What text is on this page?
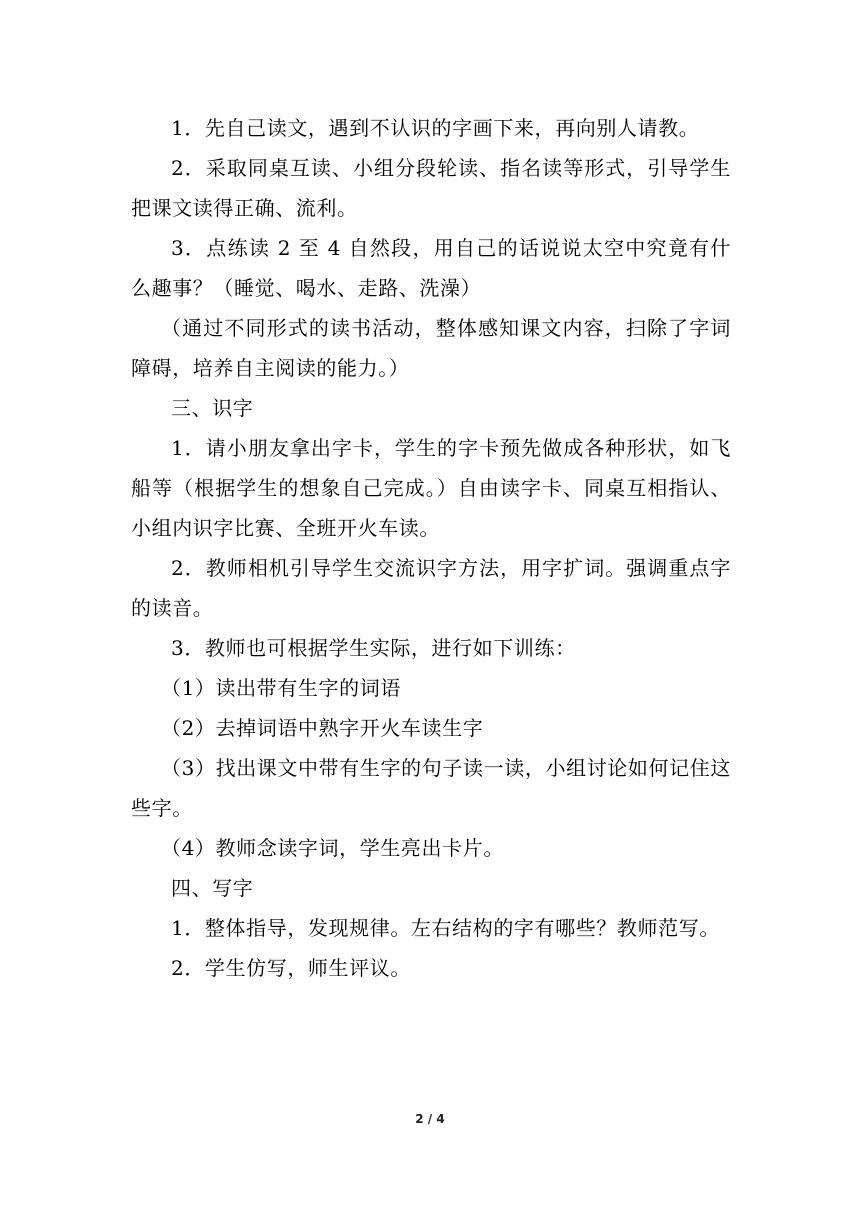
1．先自己读文，遇到不认识的字画下来，再向别人请教。

2．采取同桌互读、小组分段轮读、指名读等形式，引导学生把课文读得正确、流利。

3．点练读 2 至 4 自然段，用自己的话说说太空中究竟有什么趣事？（睡觉、喝水、走路、洗澡）

（通过不同形式的读书活动，整体感知课文内容，扫除了字词障碍，培养自主阅读的能力。）

三、识字

1．请小朋友拿出字卡，学生的字卡预先做成各种形状，如飞船等（根据学生的想象自己完成。）自由读字卡、同桌互相指认、小组内识字比赛、全班开火车读。

2．教师相机引导学生交流识字方法，用字扩词。强调重点字的读音。

3．教师也可根据学生实际，进行如下训练：

（1）读出带有生字的词语

（2）去掉词语中熟字开火车读生字

（3）找出课文中带有生字的句子读一读，小组讨论如何记住这些字。

（4）教师念读字词，学生亮出卡片。

四、写字

1．整体指导，发现规律。左右结构的字有哪些？教师范写。

2．学生仿写，师生评议。

2 / 4
